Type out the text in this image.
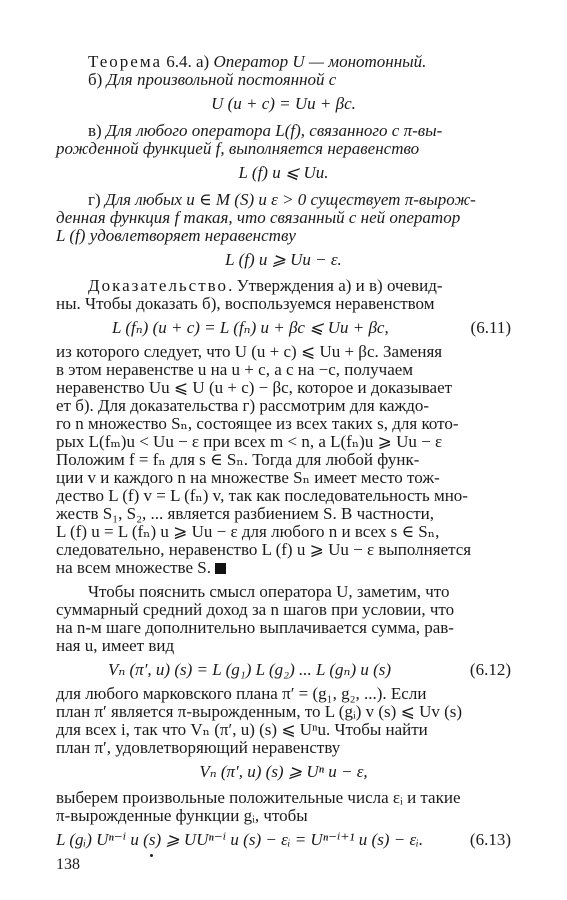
Теорема 6.4. а) Оператор U — монотонный.
б) Для произвольной постоянной с
U (u + c) = Uu + βc.
в) Для любого оператора L(f), связанного с π-вы-
рожденной функцией f, выполняется неравенство
L (f) u ⩽ Uu.
г) Для любых u ∈ M (S) и ε > 0 существует π-вырож-
денная функция f такая, что связанный с ней оператор
L (f) удовлетворяет неравенству
L (f) u ⩾ Uu − ε.
Доказательство. Утверждения а) и в) очевид-
ны. Чтобы доказать б), воспользуемся неравенством
L (fₙ) (u + c) = L (fₙ) u + βc ⩽ Uu + βc,	(6.11)
из которого следует, что U (u + c) ⩽ Uu + βc. Заменяя
в этом неравенстве u на u + c, а c на −c, получаем
неравенство Uu ⩽ U (u + c) − βc, которое и доказывает
ет б). Для доказательства г) рассмотрим для каждо-
го n множество Sₙ, состоящее из всех таких s, для кото-
рых L(fₘ)u < Uu − ε при всех m < n, а L(fₙ)u ⩾ Uu − ε
Положим f = fₙ для s ∈ Sₙ. Тогда для любой функ-
ции v и каждого n на множестве Sₙ имеет место тож-
дество L (f) v = L (fₙ) v, так как последовательность мно-
жеств S₁, S₂, ... является разбиением S. В частности,
L (f) u = L (fₙ) u ⩾ Uu − ε для любого n и всех s ∈ Sₙ,
следовательно, неравенство L (f) u ⩾ Uu − ε выполняется
на всем множестве S.
Чтобы пояснить смысл оператора U, заметим, что
суммарный средний доход за n шагов при условии, что
на n-м шаге дополнительно выплачивается сумма, рав-
ная u, имеет вид
Vₙ (π′, u) (s) = L (g₁) L (g₂) ... L (gₙ) u (s)	(6.12)
для любого марковского плана π′ = (g₁, g₂, ...). Если
план π′ является π-вырожденным, то L (gᵢ) v (s) ⩽ Uv (s)
для всех i, так что Vₙ (π′, u) (s) ⩽ Uⁿu. Чтобы найти
план π′, удовлетворяющий неравенству
Vₙ (π′, u) (s) ⩾ Uⁿ u − ε,
выберем произвольные положительные числа εᵢ и такие
π-вырожденные функции gᵢ, чтобы
L (gᵢ) Uⁿ⁻ⁱ u (s) ⩾ UUⁿ⁻ⁱ u (s) − εᵢ = Uⁿ⁻ⁱ⁺¹ u (s) − εᵢ.	(6.13)
138
